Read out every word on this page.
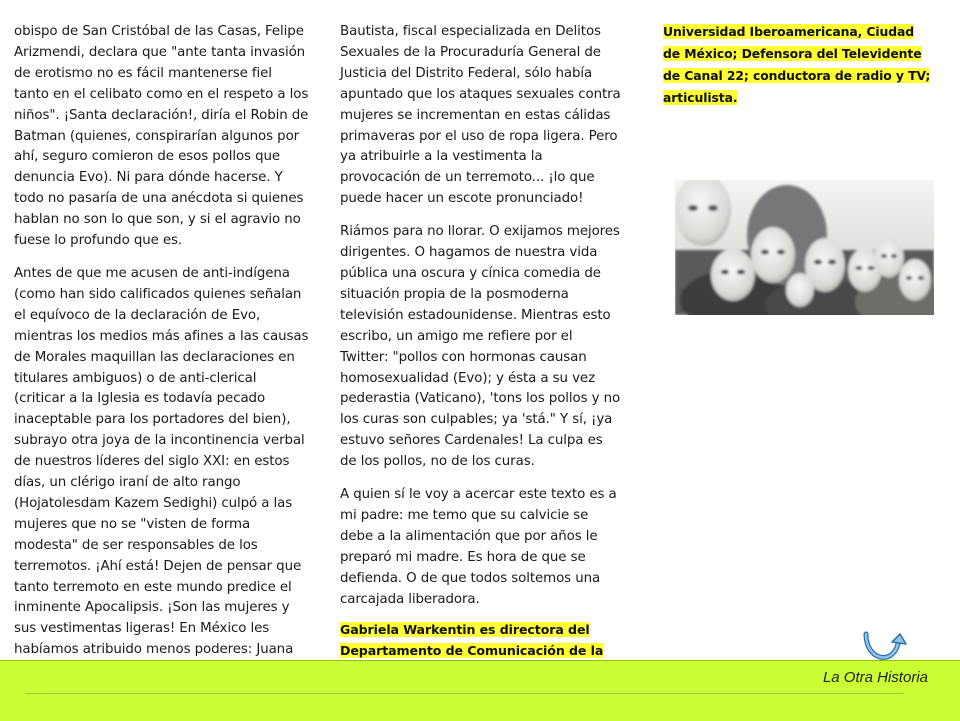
obispo de San Cristóbal de las Casas, Felipe Arizmendi, declara que "ante tanta invasión de erotismo no es fácil mantenerse fiel tanto en el celibato como en el respeto a los niños". ¡Santa declaración!, diría el Robin de Batman (quienes, conspirarían algunos por ahí, seguro comieron de esos pollos que denuncia Evo). Ni para dónde hacerse. Y todo no pasaría de una anécdota si quienes hablan no son lo que son, y si el agravio no fuese lo profundo que es.

Antes de que me acusen de anti-indígena (como han sido calificados quienes señalan el equívoco de la declaración de Evo, mientras los medios más afines a las causas de Morales maquillan las declaraciones en titulares ambiguos) o de anti-clerical (criticar a la Iglesia es todavía pecado inaceptable para los portadores del bien), subrayo otra joya de la incontinencia verbal de nuestros líderes del siglo XXI: en estos días, un clérigo iraní de alto rango (Hojatolesdam Kazem Sedighi) culpó a las mujeres que no se "visten de forma modesta" de ser responsables de los terremotos. ¡Ahí está! Dejen de pensar que tanto terremoto en este mundo predice el inminente Apocalipsis. ¡Son las mujeres y sus vestimentas ligeras! En México les habíamos atribuido menos poderes: Juana

Bautista, fiscal especializada en Delitos Sexuales de la Procuraduría General de Justicia del Distrito Federal, sólo había apuntado que los ataques sexuales contra mujeres se incrementan en estas cálidas primaveras por el uso de ropa ligera. Pero ya atribuirle a la vestimenta la provocación de un terremoto... ¡lo que puede hacer un escote pronunciado!

Riámos para no llorar. O exijamos mejores dirigentes. O hagamos de nuestra vida pública una oscura y cínica comedia de situación propia de la posmoderna televisión estadounidense. Mientras esto escribo, un amigo me refiere por el Twitter: "pollos con hormonas causan homosexualidad (Evo); y ésta a su vez pederastia (Vaticano), 'tons los pollos y no los curas son culpables; ya 'stá." Y sí, ¡ya estuvo señores Cardenales! La culpa es de los pollos, no de los curas.

A quien sí le voy a acercar este texto es a mi padre: me temo que su calvicie se debe a la alimentación que por años le preparó mi madre. Es hora de que se defienda. O de que todos soltemos una carcajada liberadora.

Gabriela Warkentin es directora del Departamento de Comunicación de la

Universidad Iberoamericana, Ciudad de México; Defensora del Televidente de Canal 22; conductora de radio y TV; articulista.

La Otra Historia
